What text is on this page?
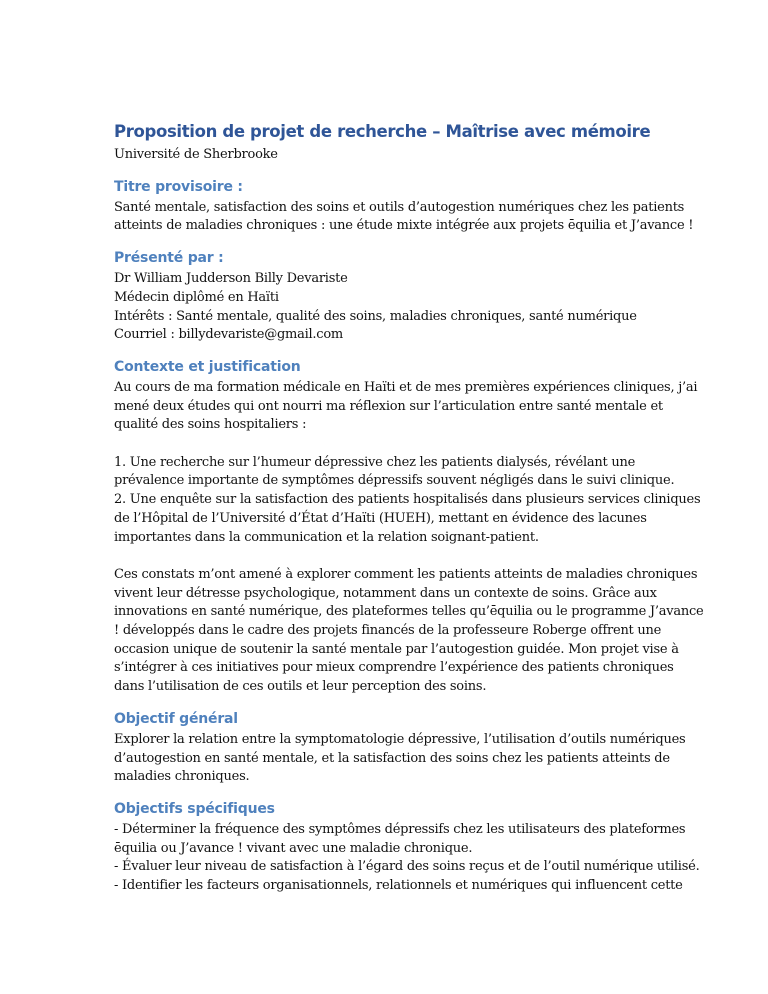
Proposition de projet de recherche – Maîtrise avec mémoire

Université de Sherbrooke

Titre provisoire :

Santé mentale, satisfaction des soins et outils d’autogestion numériques chez les patients
atteints de maladies chroniques : une étude mixte intégrée aux projets ēquilia et J’avance !

Présenté par :

Dr William Judderson Billy Devariste
Médecin diplômé en Haïti
Intérêts : Santé mentale, qualité des soins, maladies chroniques, santé numérique
Courriel : billydevariste@gmail.com

Contexte et justification

Au cours de ma formation médicale en Haïti et de mes premières expériences cliniques, j’ai
mené deux études qui ont nourri ma réflexion sur l’articulation entre santé mentale et
qualité des soins hospitaliers :
1. Une recherche sur l’humeur dépressive chez les patients dialysés, révélant une
prévalence importante de symptômes dépressifs souvent négligés dans le suivi clinique.
2. Une enquête sur la satisfaction des patients hospitalisés dans plusieurs services cliniques
de l’Hôpital de l’Université d’État d’Haïti (HUEH), mettant en évidence des lacunes
importantes dans la communication et la relation soignant-patient.
Ces constats m’ont amené à explorer comment les patients atteints de maladies chroniques
vivent leur détresse psychologique, notamment dans un contexte de soins. Grâce aux
innovations en santé numérique, des plateformes telles qu’ēquilia ou le programme J’avance
! développés dans le cadre des projets financés de la professeure Roberge offrent une
occasion unique de soutenir la santé mentale par l’autogestion guidée. Mon projet vise à
s’intégrer à ces initiatives pour mieux comprendre l’expérience des patients chroniques
dans l’utilisation de ces outils et leur perception des soins.

Objectif général

Explorer la relation entre la symptomatologie dépressive, l’utilisation d’outils numériques
d’autogestion en santé mentale, et la satisfaction des soins chez les patients atteints de
maladies chroniques.

Objectifs spécifiques

- Déterminer la fréquence des symptômes dépressifs chez les utilisateurs des plateformes
ēquilia ou J’avance ! vivant avec une maladie chronique.
- Évaluer leur niveau de satisfaction à l’égard des soins reçus et de l’outil numérique utilisé.
- Identifier les facteurs organisationnels, relationnels et numériques qui influencent cette
